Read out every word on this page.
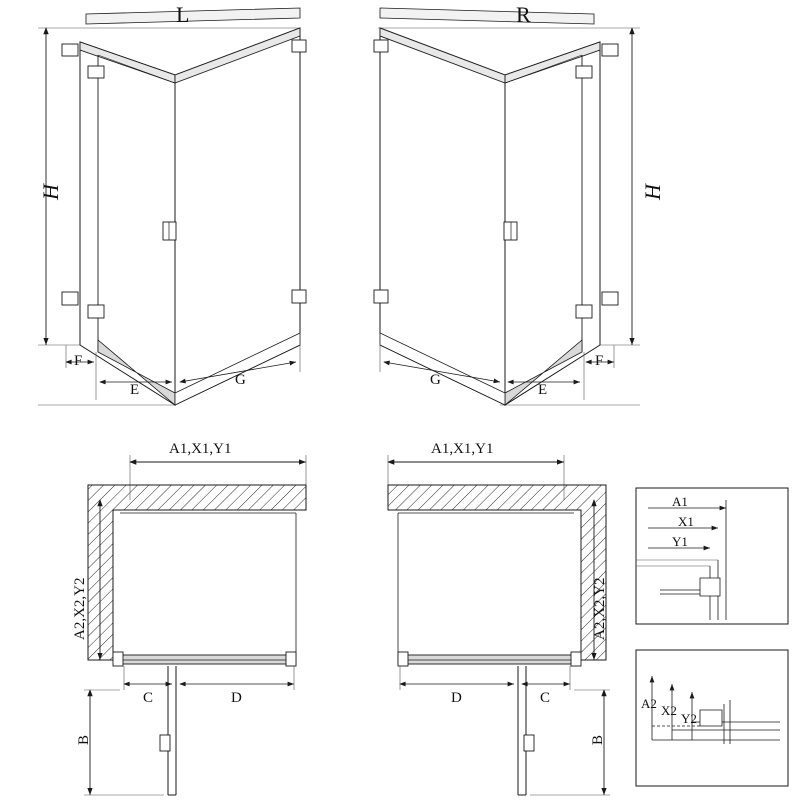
L	R
H	H
F
E
G	G
E
F
A1,X1,Y1	A1,X1,Y1
A2,X2,Y2	A2,X2,Y2
C	D	D	C
B	B
A1
X1
Y1
A2 X2
Y2
